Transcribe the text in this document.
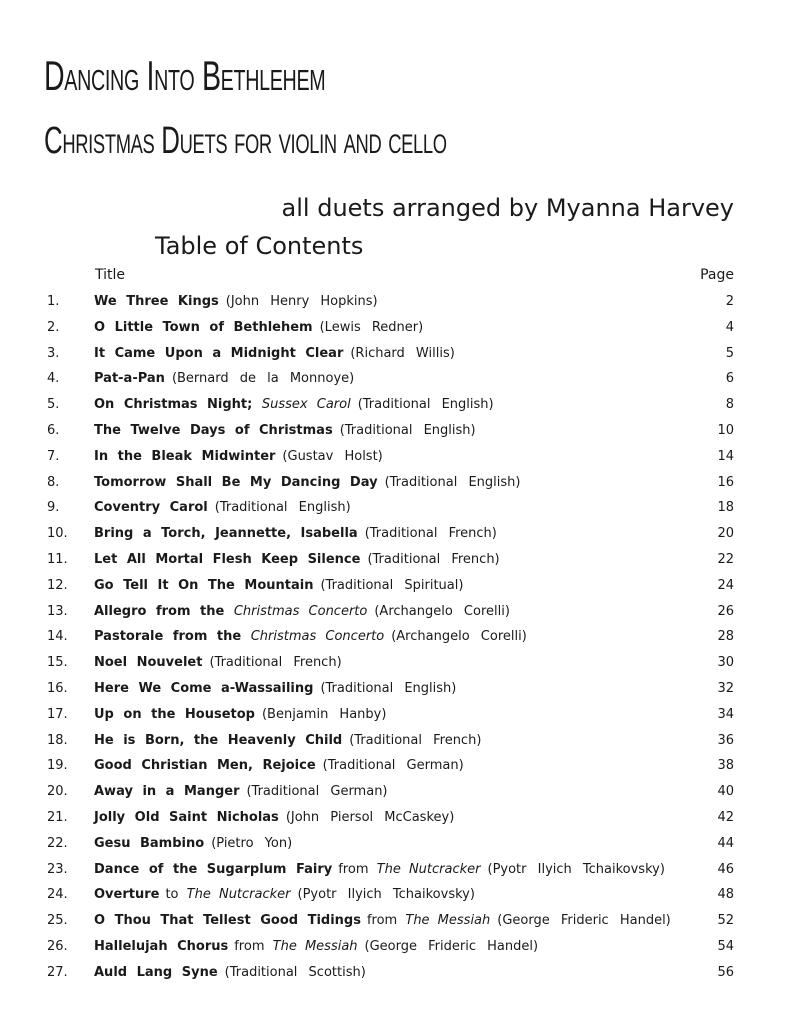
Dancing Into Bethlehem
Christmas Duets for violin and cello
all duets arranged by Myanna Harvey
Table of Contents
Title	Page
1.	We Three Kings (John Henry Hopkins)	2
2.	O Little Town of Bethlehem (Lewis Redner)	4
3.	It Came Upon a Midnight Clear (Richard Willis)	5
4.	Pat-a-Pan (Bernard de la Monnoye)	6
5.	On Christmas Night; Sussex Carol (Traditional English)	8
6.	The Twelve Days of Christmas (Traditional English)	10
7.	In the Bleak Midwinter (Gustav Holst)	14
8.	Tomorrow Shall Be My Dancing Day (Traditional English)	16
9.	Coventry Carol (Traditional English)	18
10.	Bring a Torch, Jeannette, Isabella (Traditional French)	20
11.	Let All Mortal Flesh Keep Silence (Traditional French)	22
12.	Go Tell It On The Mountain (Traditional Spiritual)	24
13.	Allegro from the Christmas Concerto (Archangelo Corelli)	26
14.	Pastorale from the Christmas Concerto (Archangelo Corelli)	28
15.	Noel Nouvelet (Traditional French)	30
16.	Here We Come a-Wassailing (Traditional English)	32
17.	Up on the Housetop (Benjamin Hanby)	34
18.	He is Born, the Heavenly Child (Traditional French)	36
19.	Good Christian Men, Rejoice (Traditional German)	38
20.	Away in a Manger (Traditional German)	40
21.	Jolly Old Saint Nicholas (John Piersol McCaskey)	42
22.	Gesu Bambino (Pietro Yon)	44
23.	Dance of the Sugarplum Fairy from The Nutcracker (Pyotr Ilyich Tchaikovsky)	46
24.	Overture to The Nutcracker (Pyotr Ilyich Tchaikovsky)	48
25.	O Thou That Tellest Good Tidings from The Messiah (George Frideric Handel)	52
26.	Hallelujah Chorus from The Messiah (George Frideric Handel)	54
27.	Auld Lang Syne (Traditional Scottish)	56
